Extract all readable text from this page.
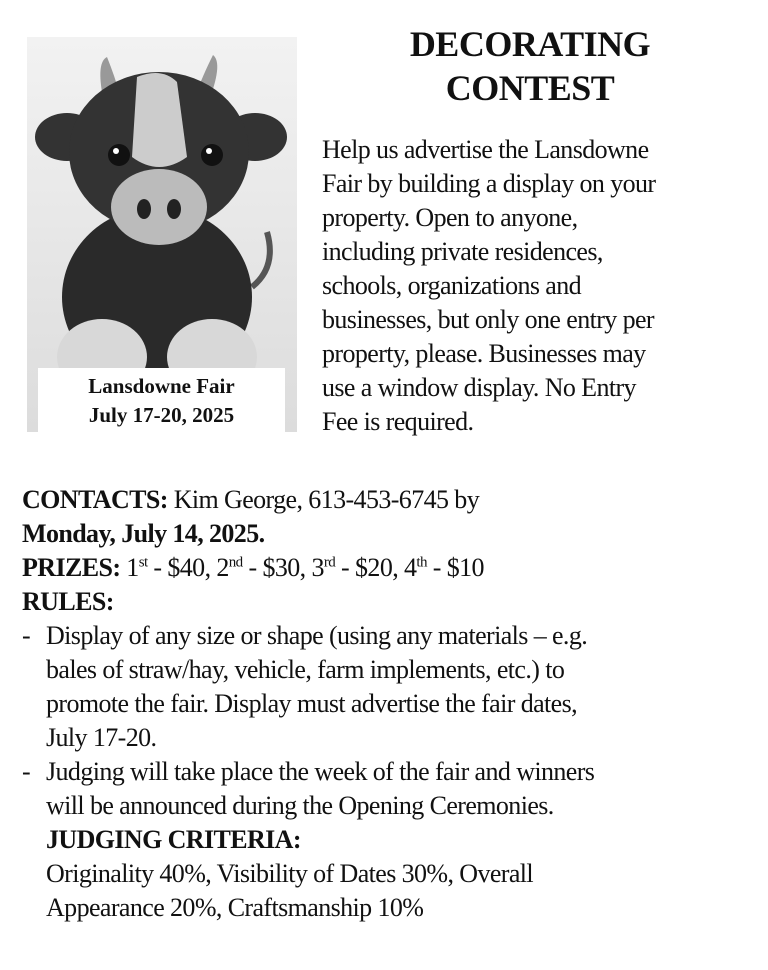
Lansdowne Fair
July 17-20, 2025
DECORATING
CONTEST
Help us advertise the Lansdowne
Fair by building a display on your
property. Open to anyone,
including private residences,
schools, organizations and
businesses, but only one entry per
property, please. Businesses may
use a window display. No Entry
Fee is required.
CONTACTS: Kim George, 613-453-6745 by
Monday, July 14, 2025.
PRIZES: 1st - $40, 2nd - $30, 3rd - $20, 4th - $10
RULES:
- Display of any size or shape (using any materials – e.g.
bales of straw/hay, vehicle, farm implements, etc.) to
promote the fair. Display must advertise the fair dates,
July 17-20.
- Judging will take place the week of the fair and winners
will be announced during the Opening Ceremonies.
JUDGING CRITERIA:
Originality 40%, Visibility of Dates 30%, Overall
Appearance 20%, Craftsmanship 10%
